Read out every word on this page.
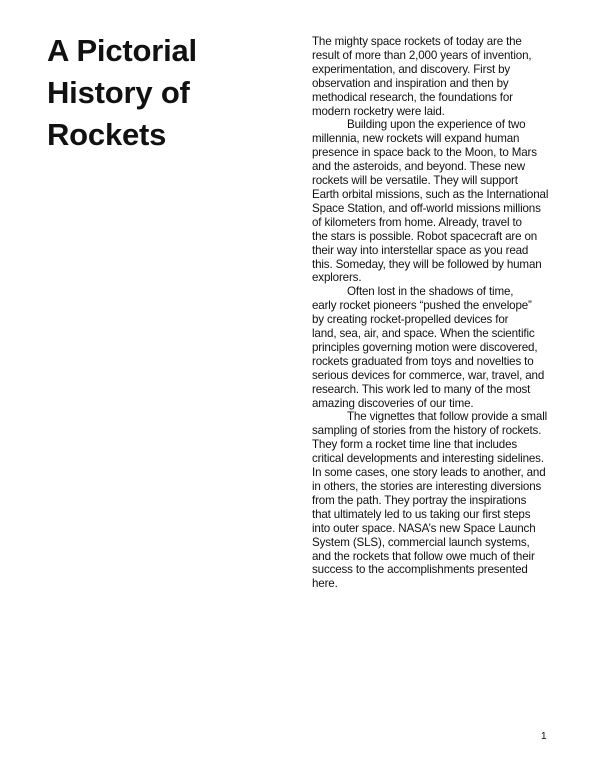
A Pictorial
History of
Rockets
The mighty space rockets of today are the
result of more than 2,000 years of invention,
experimentation, and discovery. First by
observation and inspiration and then by
methodical research, the foundations for
modern rocketry were laid.
Building upon the experience of two
millennia, new rockets will expand human
presence in space back to the Moon, to Mars
and the asteroids, and beyond. These new
rockets will be versatile. They will support
Earth orbital missions, such as the International
Space Station, and off-world missions millions
of kilometers from home. Already, travel to
the stars is possible. Robot spacecraft are on
their way into interstellar space as you read
this. Someday, they will be followed by human
explorers.
Often lost in the shadows of time,
early rocket pioneers “pushed the envelope”
by creating rocket-propelled devices for
land, sea, air, and space. When the scientific
principles governing motion were discovered,
rockets graduated from toys and novelties to
serious devices for commerce, war, travel, and
research. This work led to many of the most
amazing discoveries of our time.
The vignettes that follow provide a small
sampling of stories from the history of rockets.
They form a rocket time line that includes
critical developments and interesting sidelines.
In some cases, one story leads to another, and
in others, the stories are interesting diversions
from the path. They portray the inspirations
that ultimately led to us taking our first steps
into outer space. NASA’s new Space Launch
System (SLS), commercial launch systems,
and the rockets that follow owe much of their
success to the accomplishments presented
here.
1
